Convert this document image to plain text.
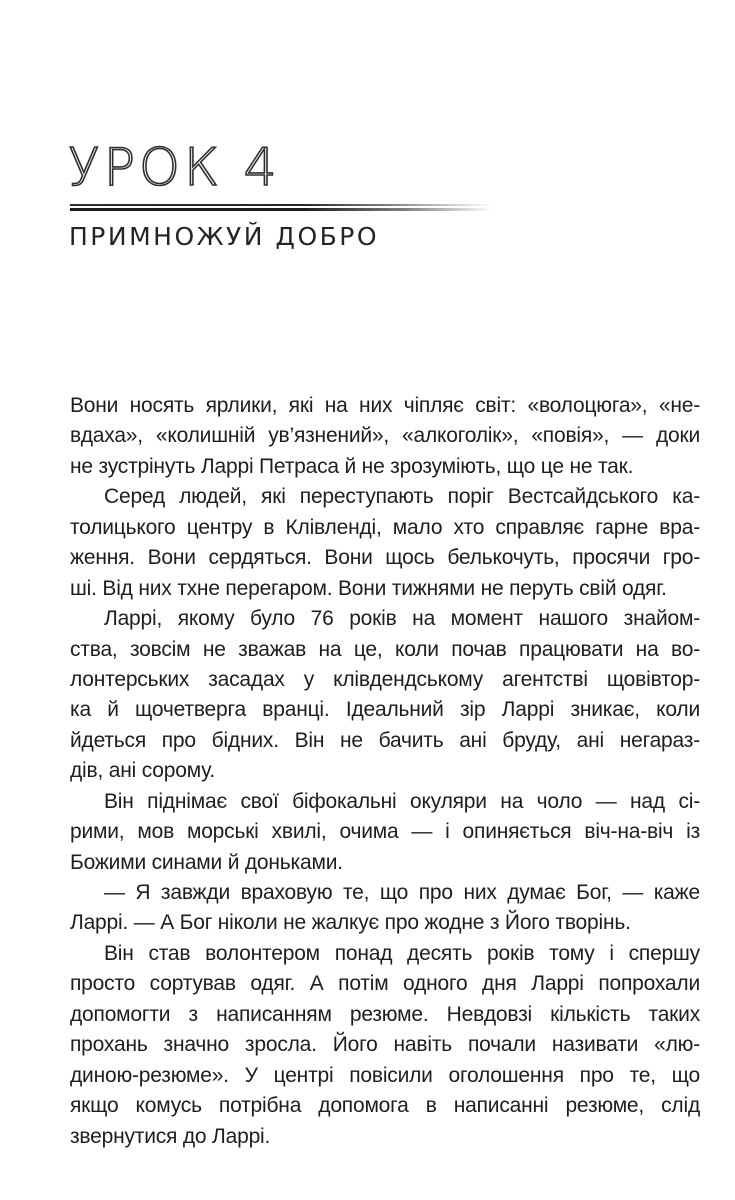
УРОК 4
ПРИМНОЖУЙ ДОБРО
Вони носять ярлики, які на них чіпляє світ: «волоцюга», «не-
вдаха», «колишній ув’язнений», «алкоголік», «повія», — доки
не зустрінуть Ларрі Петраса й не зрозуміють, що це не так.
Серед людей, які переступають поріг Вестсайдського ка-
толицького центру в Клівленді, мало хто справляє гарне вра-
ження. Вони сердяться. Вони щось белькочуть, просячи гро-
ші. Від них тхне перегаром. Вони тижнями не перуть свій одяг.
Ларрі, якому було 76 років на момент нашого знайом-
ства, зовсім не зважав на це, коли почав працювати на во-
лонтерських засадах у клівдендському агентстві щовівтор-
ка й щочетверга вранці. Ідеальний зір Ларрі зникає, коли
йдеться про бідних. Він не бачить ані бруду, ані негараз-
дів, ані сорому.
Він піднімає свої біфокальні окуляри на чоло — над сі-
рими, мов морські хвилі, очима — і опиняється віч-на-віч із
Божими синами й доньками.
— Я завжди враховую те, що про них думає Бог, — каже
Ларрі. — А Бог ніколи не жалкує про жодне з Його творінь.
Він став волонтером понад десять років тому і спершу
просто сортував одяг. А потім одного дня Ларрі попрохали
допомогти з написанням резюме. Невдовзі кількість таких
прохань значно зросла. Його навіть почали називати «лю-
диною-резюме». У центрі повісили оголошення про те, що
якщо комусь потрібна допомога в написанні резюме, слід
звернутися до Ларрі.
